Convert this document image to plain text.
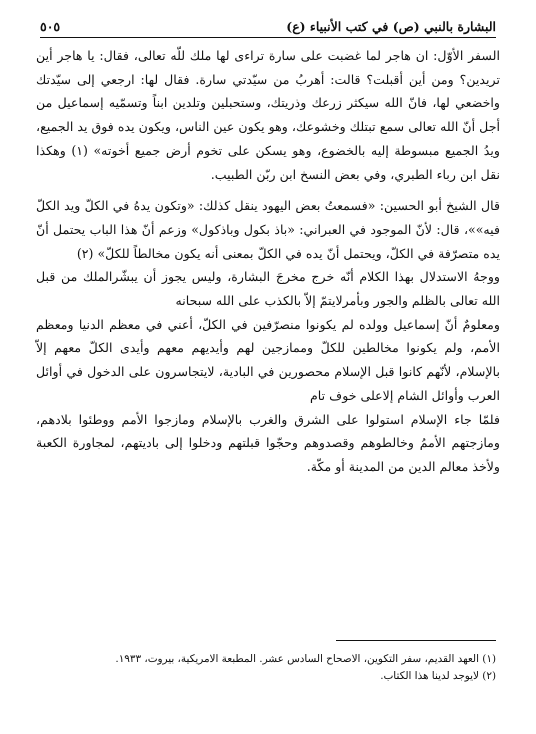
البشارة بالنبي (ص) في كتب الأنبياء (ع)
٥٠٥

السفر الأوّل: ان هاجر لما غضبت على سارة تراءى لها ملك للّه تعالى، فقال: يا هاجر أين تريدين؟ ومن أين أقبلت؟ قالت: أهربُ من سيّدتي سارة. فقال لها: ارجعي إلى سيّدتك واخضعي لها، فانّ الله سيكثر زرعك وذريتك، وستحبلين وتلدين ابناً وتسمّيه إسماعيل من أجل أنّ الله تعالى سمع تبتلك وخشوعك، وهو يكون عين الناس، ويكون يده فوق يد الجميع، ويدُ الجميع مبسوطة إليه بالخضوع، وهو يسكن على تخوم أرض جميع أخوته» (١) وهكذا نقل ابن رباء الطبري، وفي بعض النسخ ابن ربّن الطبيب.

قال الشيخ أبو الحسين: «فسمعتُ بعض اليهود ينقل كذلك: «وتكون يدهُ في الكلّ ويد الكلّ فيه»»، قال: لأنّ الموجود في العبراني: «باذ بكول وباذكول» وزعم أنّ هذا الباب يحتمل أنّ يده متصرّفة في الكلّ، ويحتمل أنّ يده في الكلّ بمعنى أنه يكون مخالطاً للكلّ» (٢)

ووجهُ الاستدلال بهذا الكلام أنّه خرج مخرجَ البشارة، وليس يجوز أن يبشّرالملك من قبل الله تعالى بالظلم والجور وبأمرلايتمّ إلاّ بالكذب على الله سبحانه

ومعلومٌ أنّ إسماعيل وولده لم يكونوا منصرّفين في الكلّ، أعني في معظم الدنيا ومعظم الأمم، ولم يكونوا مخالطين للكلّ وممازجين لهم وأيديهم معهم وأيدى الكلّ معهم إلاّ بالإسلام، لأنّهم كانوا قبل الإسلام محصورين في البادية، لايتجاسرون على الدخول في أوائل العرب وأوائل الشام إلاعلى خوف تام

فلمّا جاء الإسلام استولوا على الشرق والغرب بالإسلام ومازجوا الأمم ووطئوا بلادهم، ومازجتهم الأممُ وخالطوهم وقصدوهم وحجّوا قبلتهم ودخلوا إلى باديتهم، لمجاورة الكعبة ولأخذ معالم الدين من المدينة أو مكّة.

(١) العهد القديم، سفر التكوين، الاصحاح السادس عشر. المطبعة الامريكية، بيروت، ١٩٣٣.

(٢) لايوجد لدينا هذا الكتاب.
